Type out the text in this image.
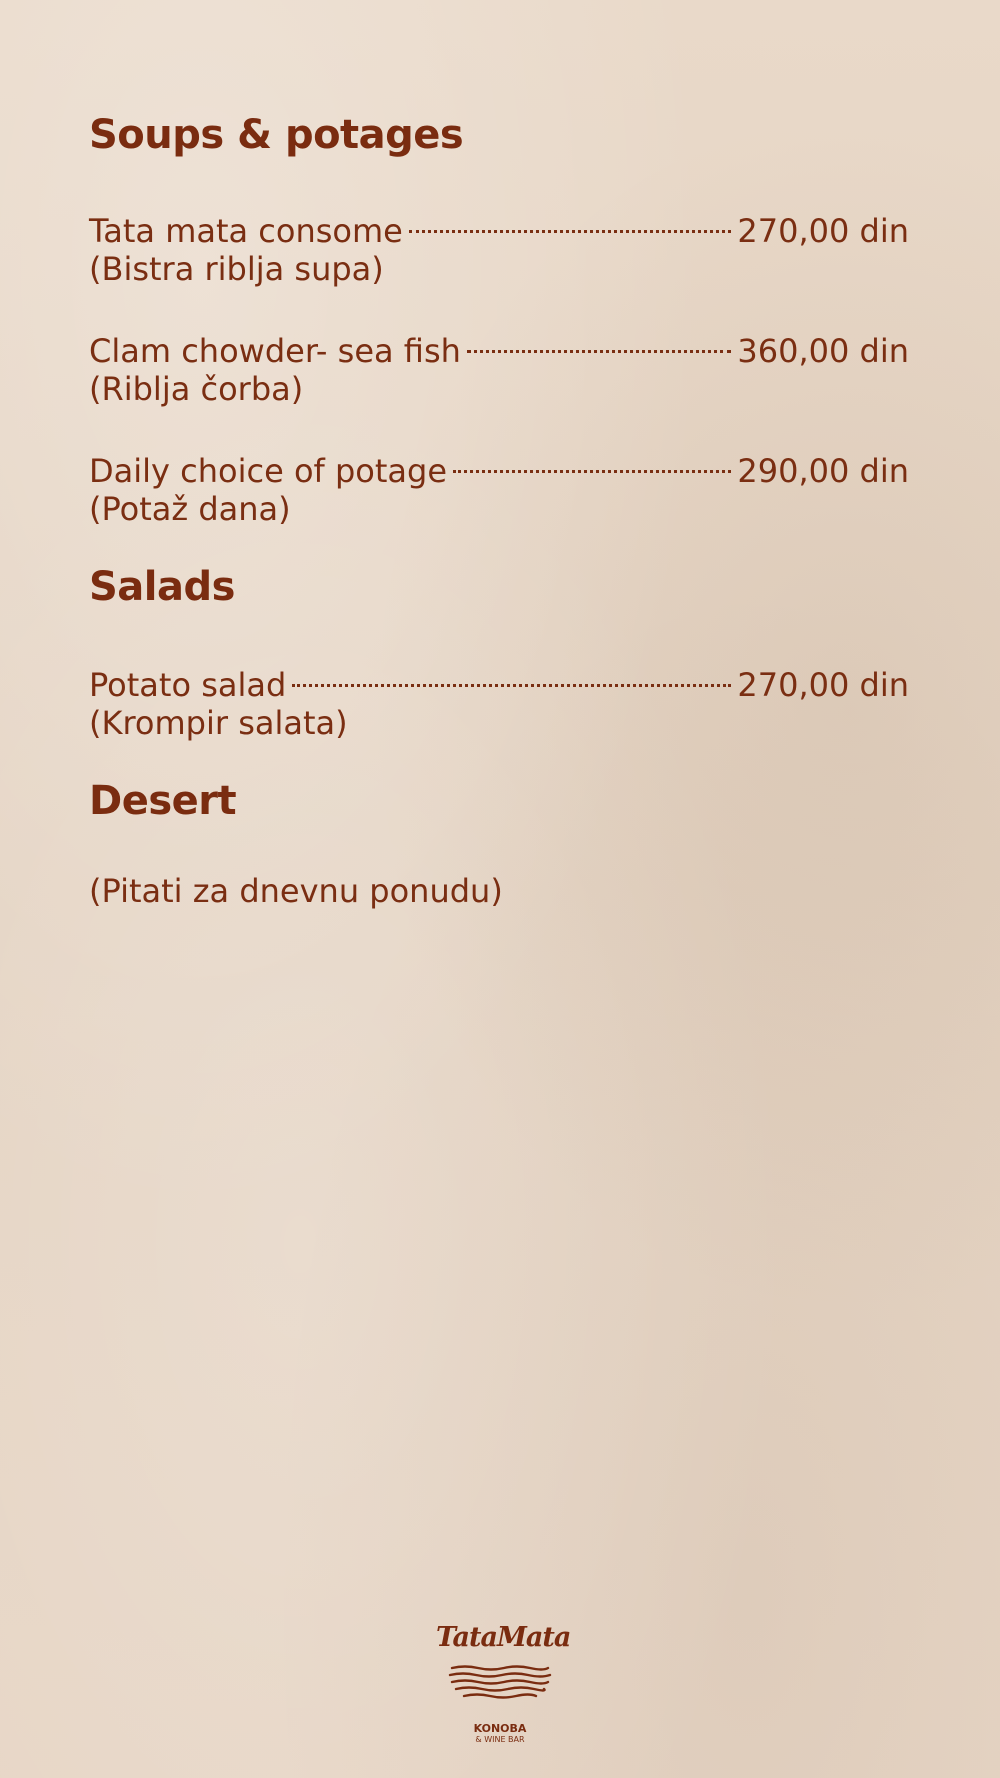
Soups & potages
Tata mata consome	270,00 din
(Bistra riblja supa)
Clam chowder- sea fish	360,00 din
(Riblja čorba)
Daily choice of potage	290,00 din
(Potaž dana)
Salads
Potato salad	270,00 din
(Krompir salata)
Desert
(Pitati za dnevnu ponudu)
TataMata
KONOBA
& WINE BAR
